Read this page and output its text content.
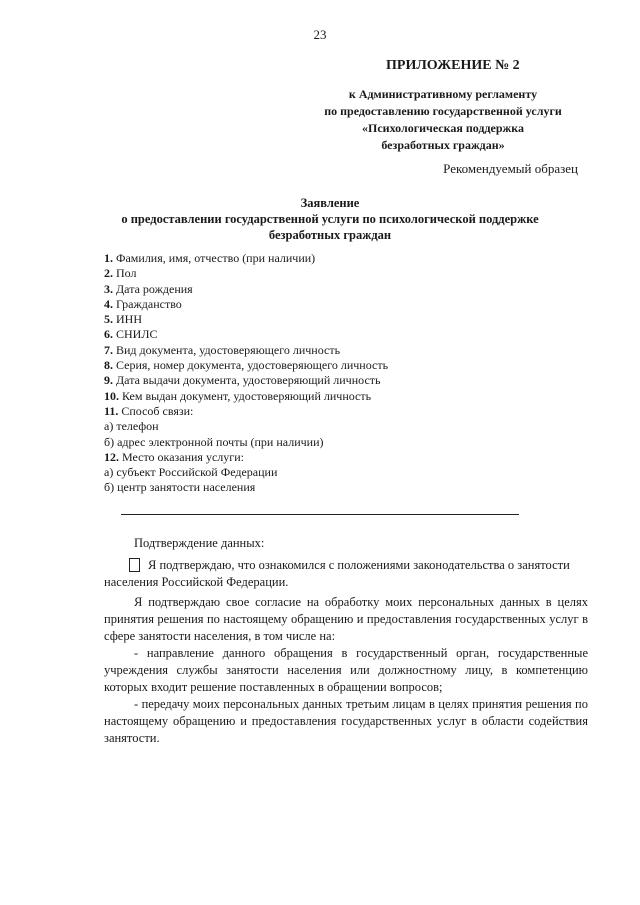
23
ПРИЛОЖЕНИЕ № 2
к Административному регламенту
по предоставлению государственной услуги
«Психологическая поддержка
безработных граждан»
Рекомендуемый образец
Заявление
о предоставлении государственной услуги по психологической поддержке
безработных граждан
1. Фамилия, имя, отчество (при наличии)
2. Пол
3. Дата рождения
4. Гражданство
5. ИНН
6. СНИЛС
7. Вид документа, удостоверяющего личность
8. Серия, номер документа, удостоверяющего личность
9. Дата выдачи документа, удостоверяющий личность
10. Кем выдан документ, удостоверяющий личность
11. Способ связи:
а) телефон
б) адрес электронной почты (при наличии)
12. Место оказания услуги:
а) субъект Российской Федерации
б) центр занятости населения
Подтверждение данных:
Я подтверждаю, что ознакомился с положениями законодательства о занятости

населения Российской Федерации.

Я подтверждаю свое согласие на обработку моих персональных данных в целях принятия решения по настоящему обращению и предоставления государственных услуг в сфере занятости населения, в том числе на:

- направление данного обращения в государственный орган, государственные учреждения службы занятости населения или должностному лицу, в компетенцию которых входит решение поставленных в обращении вопросов;

- передачу моих персональных данных третьим лицам в целях принятия решения по настоящему обращению и предоставления государственных услуг в области содействия занятости.
